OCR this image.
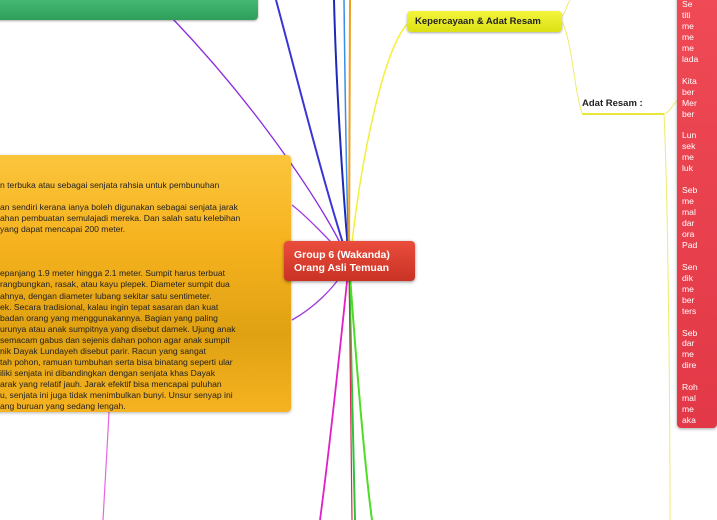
n terbuka atau sebagai senjata rahsia untuk pembunuhan
an sendiri kerana ianya boleh digunakan sebagai senjata jarak
ahan pembuatan semulajadi mereka. Dan salah satu kelebihan
yang dapat mencapai 200 meter.
epanjang 1.9 meter hingga 2.1 meter. Sumpit harus terbuat
rangbungkan, rasak, atau kayu plepek. Diameter sumpit dua
ahnya, dengan diameter lubang sekitar satu sentimeter.
ek. Secara tradisional, kalau ingin tepat sasaran dan kuat
badan orang yang menggunakannya. Bagian yang paling
urunya atau anak sumpitnya yang disebut damek. Ujung anak
semacam gabus dan sejenis dahan pohon agar anak sumpit
nik Dayak Lundayeh disebut parir. Racun yang sangat
tah pohon, ramuan tumbuhan serta bisa binatang seperti ular
iliki senjata ini dibandingkan dengan senjata khas Dayak
arak yang relatif jauh. Jarak efektif bisa mencapai puluhan
u, senjata ini juga tidak menimbulkan bunyi. Unsur senyap ini
ang buruan yang sedang lengah.
Group 6 (Wakanda)
Orang Asli Temuan
Kepercayaan & Adat Resam
Adat Resam :
Se
titi
me
me
me
lada
Kita
ber
Mer
ber
Lun
sek
me
luk
Seb
me
mal
dar
ora
Pad
Sen
dik
me
ber
ters
Seb
dar
me
dire
Roh
mal
me
aka
